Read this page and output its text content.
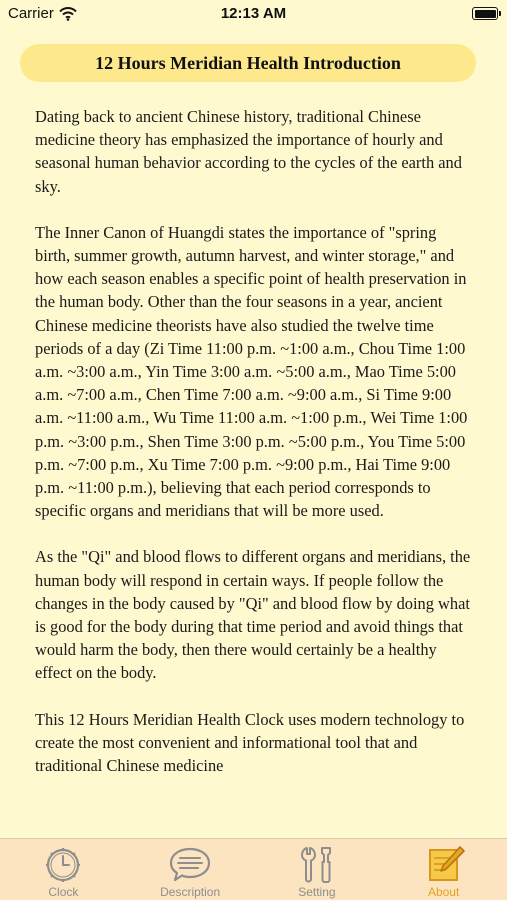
Carrier	12:13 AM
12 Hours Meridian Health Introduction

Dating back to ancient Chinese history, traditional Chinese medicine theory has emphasized the importance of hourly and seasonal human behavior according to the cycles of the earth and sky.

The Inner Canon of Huangdi states the importance of "spring birth, summer growth, autumn harvest, and winter storage," and how each season enables a specific point of health preservation in the human body. Other than the four seasons in a year, ancient Chinese medicine theorists have also studied the twelve time periods of a day (Zi Time 11:00 p.m. ~1:00 a.m., Chou Time 1:00 a.m. ~3:00 a.m., Yin Time 3:00 a.m. ~5:00 a.m., Mao Time 5:00 a.m. ~7:00 a.m., Chen Time 7:00 a.m. ~9:00 a.m., Si Time 9:00 a.m. ~11:00 a.m., Wu Time 11:00 a.m. ~1:00 p.m., Wei Time 1:00 p.m. ~3:00 p.m., Shen Time 3:00 p.m. ~5:00 p.m., You Time 5:00 p.m. ~7:00 p.m., Xu Time 7:00 p.m. ~9:00 p.m., Hai Time 9:00 p.m. ~11:00 p.m.), believing that each period corresponds to specific organs and meridians that will be more used.

As the "Qi" and blood flows to different organs and meridians, the human body will respond in certain ways. If people follow the changes in the body caused by "Qi" and blood flow by doing what is good for the body during that time period and avoid things that would harm the body, then there would certainly be a healthy effect on the body.

This 12 Hours Meridian Health Clock uses modern technology to create the most convenient and informational tool that and traditional Chinese medicine

Clock	Description	Setting	About
